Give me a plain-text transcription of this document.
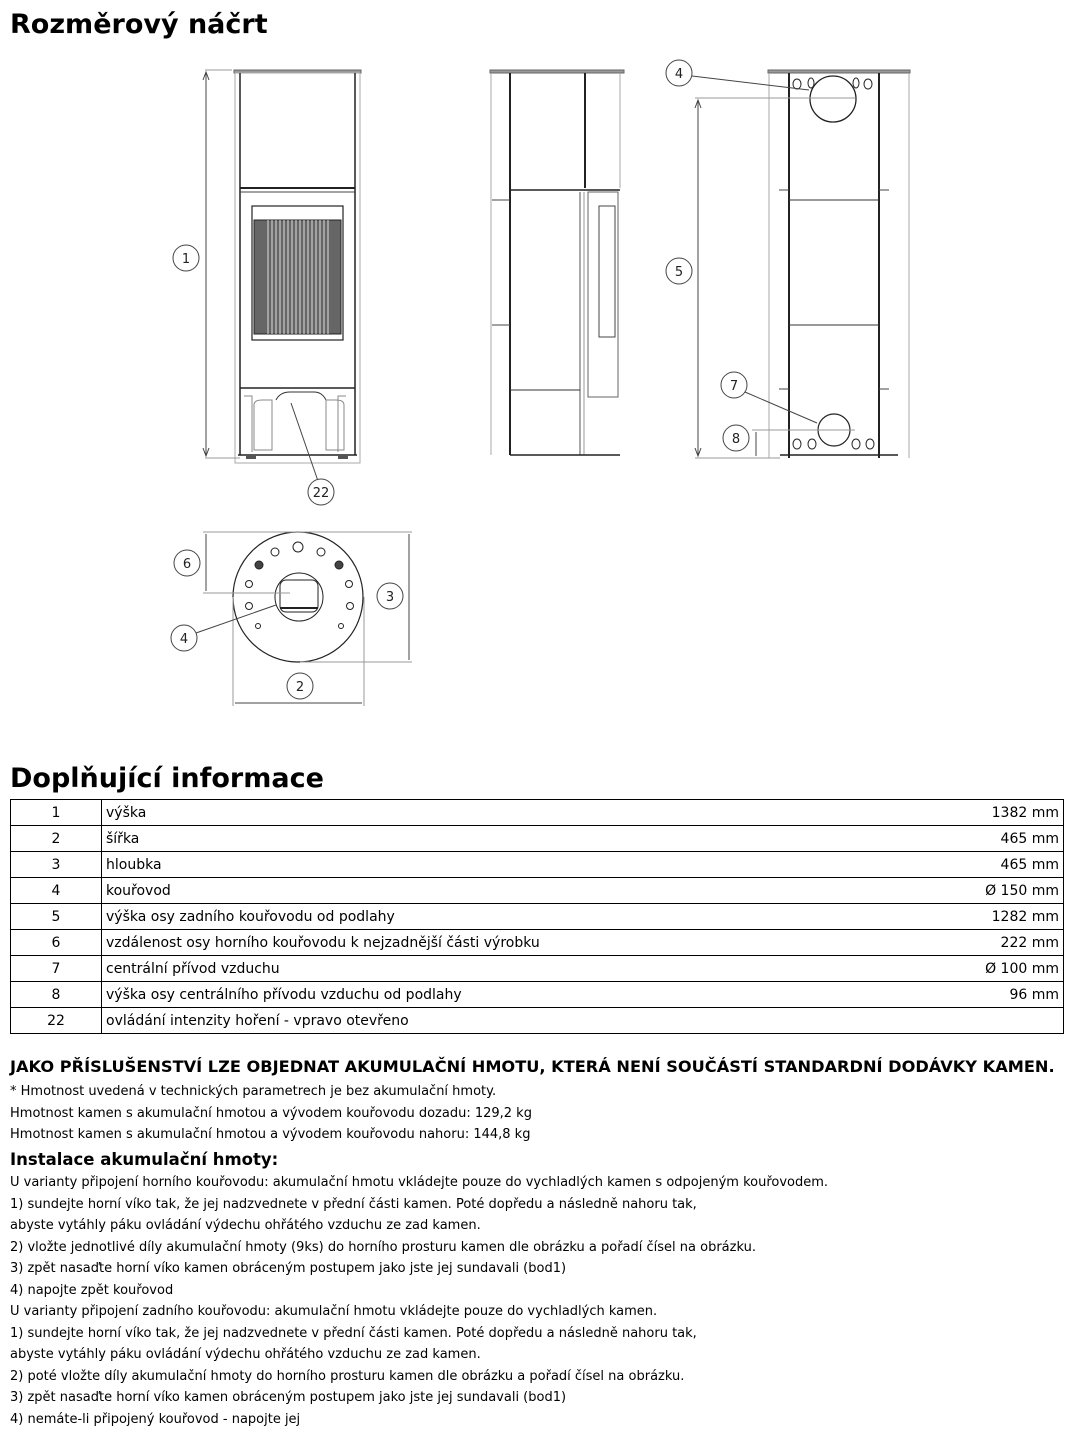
Rozměrový náčrt
1
22
4
5
7
8
6
3
4
2
Doplňující informace
1	výška	1382 mm
2	šířka	465 mm
3	hloubka	465 mm
4	kouřovod	Ø 150 mm
5	výška osy zadního kouřovodu od podlahy	1282 mm
6	vzdálenost osy horního kouřovodu k nejzadnější části výrobku	222 mm
7	centrální přívod vzduchu	Ø 100 mm
8	výška osy centrálního přívodu vzduchu od podlahy	96 mm
22	ovládání intenzity hoření - vpravo otevřeno	
JAKO PŘÍSLUŠENSTVÍ LZE OBJEDNAT AKUMULAČNÍ HMOTU, KTERÁ NENÍ SOUČÁSTÍ STANDARDNÍ DODÁVKY KAMEN.
* Hmotnost uvedená v technických parametrech je bez akumulační hmoty.
Hmotnost kamen s akumulační hmotou a vývodem kouřovodu dozadu: 129,2 kg
Hmotnost kamen s akumulační hmotou a vývodem kouřovodu nahoru: 144,8 kg
Instalace akumulační hmoty:
U varianty připojení horního kouřovodu: akumulační hmotu vkládejte pouze do vychladlých kamen s odpojeným kouřovodem.
1) sundejte horní víko tak, že jej nadzvednete v přední části kamen. Poté dopředu a následně nahoru tak,
abyste vytáhly páku ovládání výdechu ohřátého vzduchu ze zad kamen.
2) vložte jednotlivé díly akumulační hmoty (9ks) do horního prosturu kamen dle obrázku a pořadí čísel na obrázku.
3) zpět nasaďte horní víko kamen obráceným postupem jako jste jej sundavali (bod1)
4) napojte zpět kouřovod
U varianty připojení zadního kouřovodu: akumulační hmotu vkládejte pouze do vychladlých kamen.
1) sundejte horní víko tak, že jej nadzvednete v přední části kamen. Poté dopředu a následně nahoru tak,
abyste vytáhly páku ovládání výdechu ohřátého vzduchu ze zad kamen.
2) poté vložte díly akumulační hmoty do horního prosturu kamen dle obrázku a pořadí čísel na obrázku.
3) zpět nasaďte horní víko kamen obráceným postupem jako jste jej sundavali (bod1)
4) nemáte-li připojený kouřovod - napojte jej
